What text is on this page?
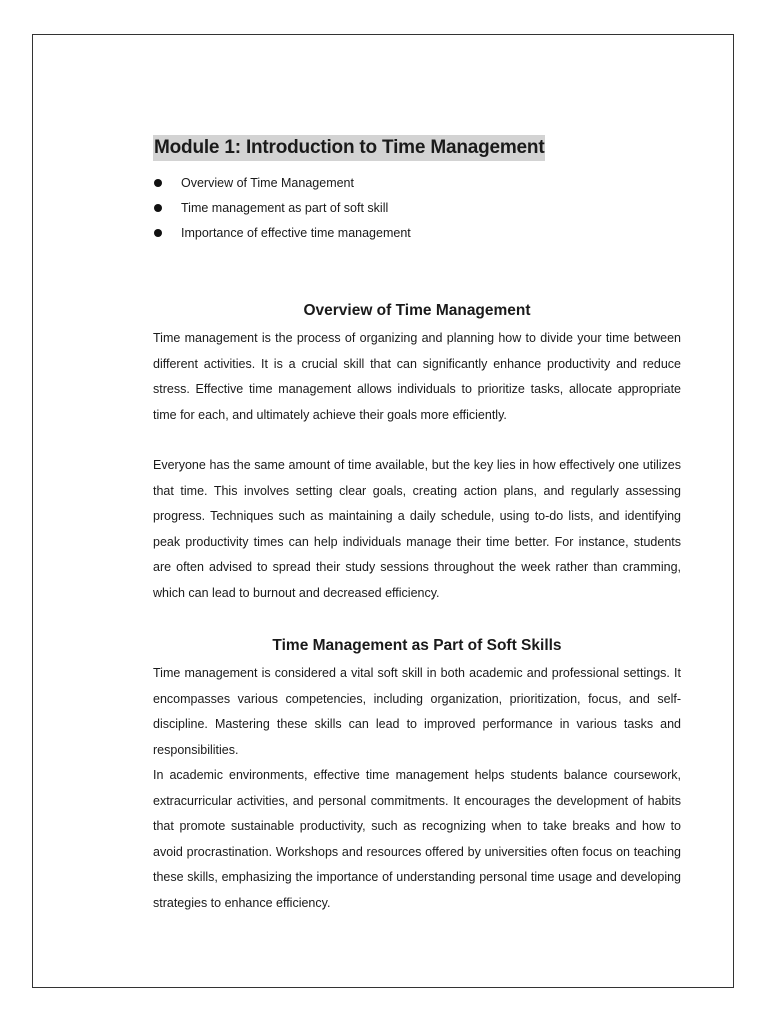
Module 1: Introduction to Time Management
Overview of Time Management
Time management as part of soft skill
Importance of effective time management
Overview of Time Management

Time management is the process of organizing and planning how to divide your time between different activities. It is a crucial skill that can significantly enhance productivity and reduce stress. Effective time management allows individuals to prioritize tasks, allocate appropriate time for each, and ultimately achieve their goals more efficiently.

Everyone has the same amount of time available, but the key lies in how effectively one utilizes that time. This involves setting clear goals, creating action plans, and regularly assessing progress. Techniques such as maintaining a daily schedule, using to-do lists, and identifying peak productivity times can help individuals manage their time better. For instance, students are often advised to spread their study sessions throughout the week rather than cramming, which can lead to burnout and decreased efficiency.

Time Management as Part of Soft Skills

Time management is considered a vital soft skill in both academic and professional settings. It encompasses various competencies, including organization, prioritization, focus, and self-discipline. Mastering these skills can lead to improved performance in various tasks and responsibilities.

In academic environments, effective time management helps students balance coursework, extracurricular activities, and personal commitments. It encourages the development of habits that promote sustainable productivity, such as recognizing when to take breaks and how to avoid procrastination. Workshops and resources offered by universities often focus on teaching these skills, emphasizing the importance of understanding personal time usage and developing strategies to enhance efficiency.
